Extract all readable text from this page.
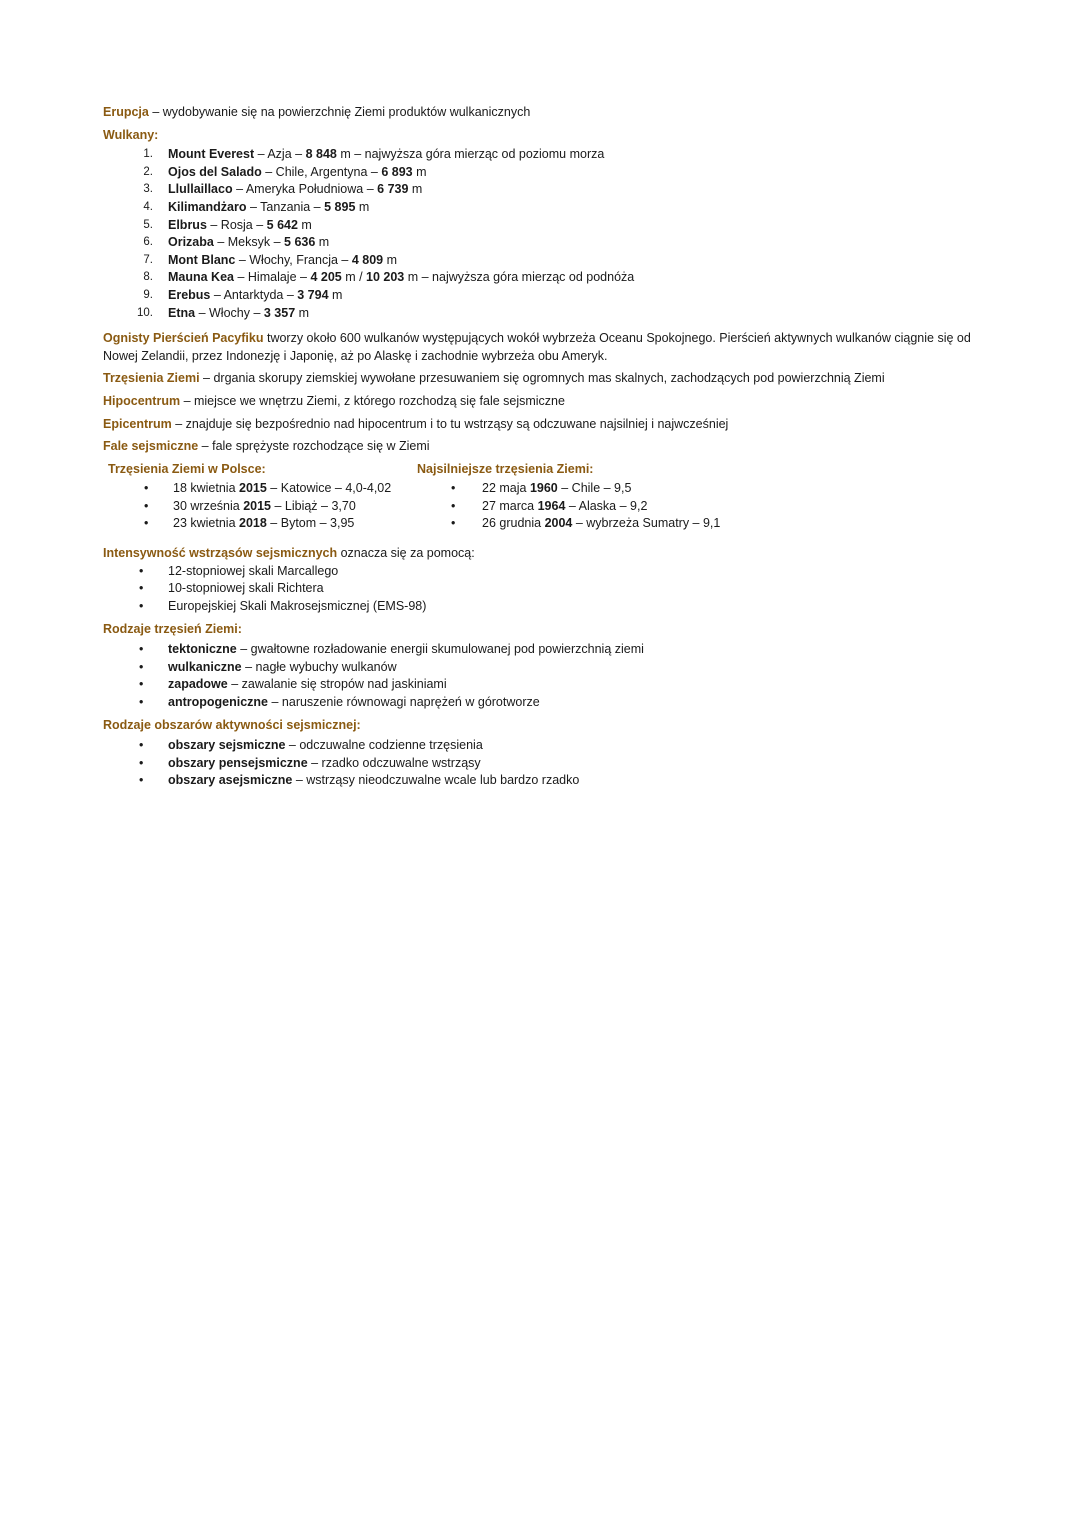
Erupcja – wydobywanie się na powierzchnię Ziemi produktów wulkanicznych

Wulkany:
1. Mount Everest – Azja – 8 848 m – najwyższa góra mierząc od poziomu morza
2. Ojos del Salado – Chile, Argentyna – 6 893 m
3. Llullaillaco – Ameryka Południowa – 6 739 m
4. Kilimandżaro – Tanzania – 5 895 m
5. Elbrus – Rosja – 5 642 m
6. Orizaba – Meksyk – 5 636 m
7. Mont Blanc – Włochy, Francja – 4 809 m
8. Mauna Kea – Himalaje – 4 205 m / 10 203 m – najwyższa góra mierząc od podnóża
9. Erebus – Antarktyda – 3 794 m
10. Etna – Włochy – 3 357 m

Ognisty Pierścień Pacyfiku tworzy około 600 wulkanów występujących wokół wybrzeża Oceanu Spokojnego. Pierścień aktywnych wulkanów ciągnie się od Nowej Zelandii, przez Indonezję i Japonię, aż po Alaskę i zachodnie wybrzeża obu Ameryk.

Trzęsienia Ziemi – drgania skorupy ziemskiej wywołane przesuwaniem się ogromnych mas skalnych, zachodzących pod powierzchnią Ziemi

Hipocentrum – miejsce we wnętrzu Ziemi, z którego rozchodzą się fale sejsmiczne

Epicentrum – znajduje się bezpośrednio nad hipocentrum i to tu wstrząsy są odczuwane najsilniej i najwcześniej

Fale sejsmiczne – fale sprężyste rozchodzące się w Ziemi

Trzęsienia Ziemi w Polsce:
• 18 kwietnia 2015 – Katowice – 4,0-4,02
• 30 września 2015 – Libiąż – 3,70
• 23 kwietnia 2018 – Bytom – 3,95
Najsilniejsze trzęsienia Ziemi:
• 22 maja 1960 – Chile – 9,5
• 27 marca 1964 – Alaska – 9,2
• 26 grudnia 2004 – wybrzeża Sumatry – 9,1
Intensywność wstrząsów sejsmicznych oznacza się za pomocą:
• 12-stopniowej skali Marcallego
• 10-stopniowej skali Richtera
• Europejskiej Skali Makrosejsmicznej (EMS-98)
Rodzaje trzęsień Ziemi:
• tektoniczne – gwałtowne rozładowanie energii skumulowanej pod powierzchnią ziemi
• wulkaniczne – nagłe wybuchy wulkanów
• zapadowe – zawalanie się stropów nad jaskiniami
• antropogeniczne – naruszenie równowagi naprężeń w górotworze
Rodzaje obszarów aktywności sejsmicznej:
• obszary sejsmiczne – odczuwalne codzienne trzęsienia
• obszary pensejsmiczne – rzadko odczuwalne wstrząsy
• obszary asejsmiczne – wstrząsy nieodczuwalne wcale lub bardzo rzadko
